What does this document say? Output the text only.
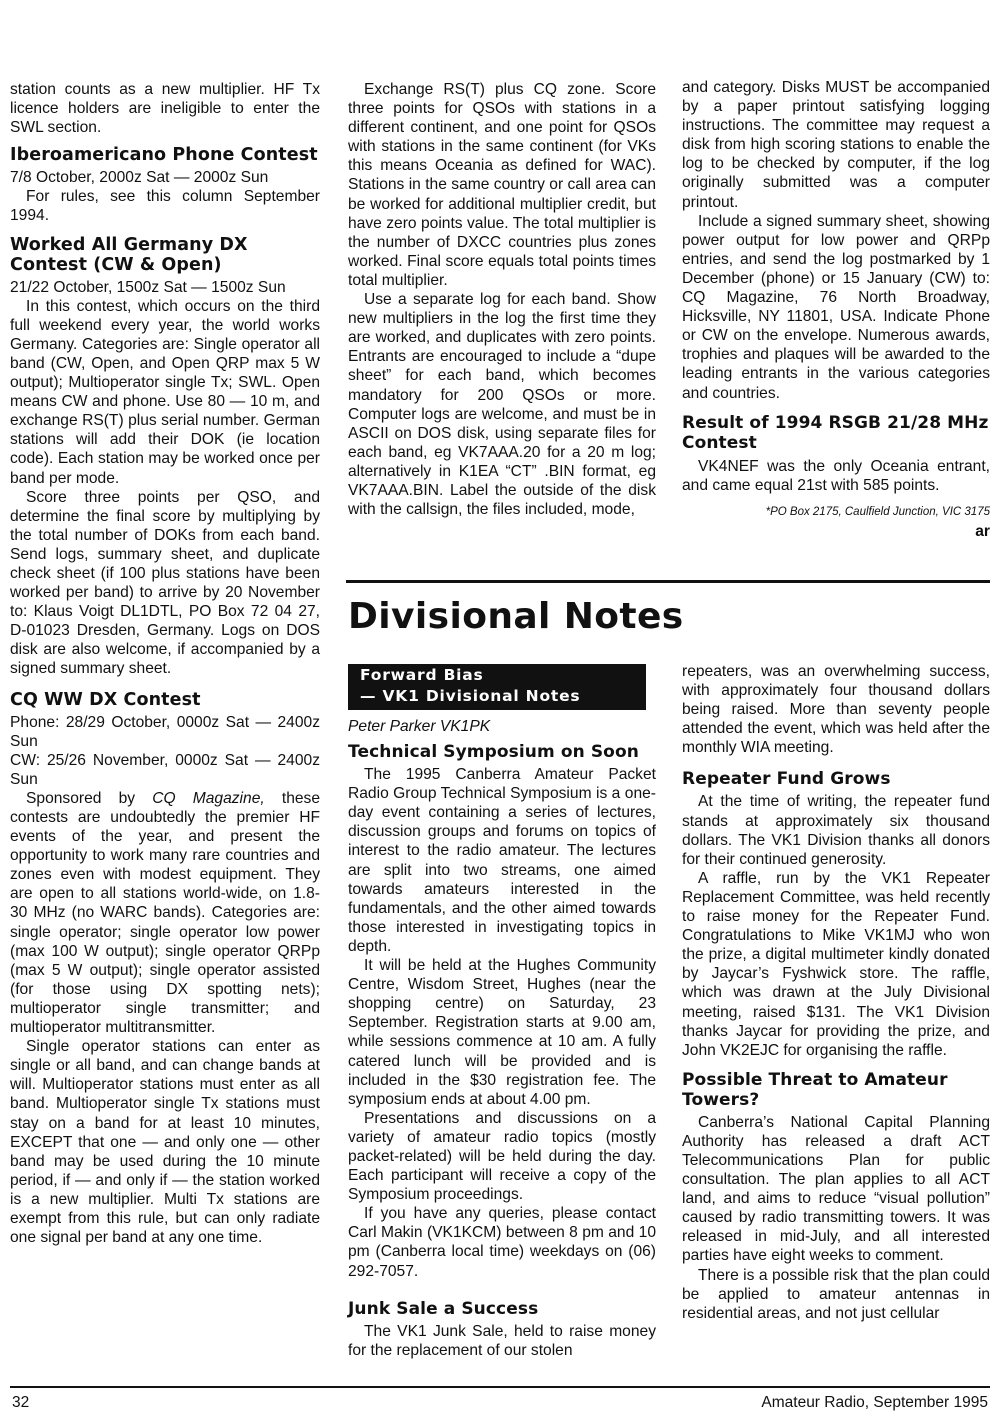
station counts as a new multiplier. HF Tx licence holders are ineligible to enter the SWL section.

Iberoamericano Phone Contest

7/8 October, 2000z Sat — 2000z Sun

For rules, see this column September 1994.

Worked All Germany DX Contest (CW & Open)

21/22 October, 1500z Sat — 1500z Sun

In this contest, which occurs on the third full weekend every year, the world works Germany. Categories are: Single operator all band (CW, Open, and Open QRP max 5 W output); Multioperator single Tx; SWL. Open means CW and phone. Use 80 — 10 m, and exchange RS(T) plus serial number. German stations will add their DOK (ie location code). Each station may be worked once per band per mode.

Score three points per QSO, and determine the final score by multiplying by the total number of DOKs from each band. Send logs, summary sheet, and duplicate check sheet (if 100 plus stations have been worked per band) to arrive by 20 November to: Klaus Voigt DL1DTL, PO Box 72 04 27, D-01023 Dresden, Germany. Logs on DOS disk are also welcome, if accompanied by a signed summary sheet.

CQ WW DX Contest

Phone: 28/29 October, 0000z Sat — 2400z Sun

CW: 25/26 November, 0000z Sat — 2400z Sun

Sponsored by CQ Magazine, these contests are undoubtedly the premier HF events of the year, and present the opportunity to work many rare countries and zones even with modest equipment. They are open to all stations world-wide, on 1.8-30 MHz (no WARC bands). Categories are: single operator; single operator low power (max 100 W output); single operator QRPp (max 5 W output); single operator assisted (for those using DX spotting nets); multioperator single transmitter; and multioperator multitransmitter.

Single operator stations can enter as single or all band, and can change bands at will. Multioperator stations must enter as all band. Multioperator single Tx stations must stay on a band for at least 10 minutes, EXCEPT that one — and only one — other band may be used during the 10 minute period, if — and only if — the station worked is a new multiplier. Multi Tx stations are exempt from this rule, but can only radiate one signal per band at any one time.

Exchange RS(T) plus CQ zone. Score three points for QSOs with stations in a different continent, and one point for QSOs with stations in the same continent (for VKs this means Oceania as defined for WAC). Stations in the same country or call area can be worked for additional multiplier credit, but have zero points value. The total multiplier is the number of DXCC countries plus zones worked. Final score equals total points times total multiplier.

Use a separate log for each band. Show new multipliers in the log the first time they are worked, and duplicates with zero points. Entrants are encouraged to include a “dupe sheet” for each band, which becomes mandatory for 200 QSOs or more. Computer logs are welcome, and must be in ASCII on DOS disk, using separate files for each band, eg VK7AAA.20 for a 20 m log; alternatively in K1EA “CT” .BIN format, eg VK7AAA.BIN. Label the outside of the disk with the callsign, the files included, mode,

and category. Disks MUST be accompanied by a paper printout satisfying logging instructions. The committee may request a disk from high scoring stations to enable the log to be checked by computer, if the log originally submitted was a computer printout.

Include a signed summary sheet, showing power output for low power and QRPp entries, and send the log postmarked by 1 December (phone) or 15 January (CW) to: CQ Magazine, 76 North Broadway, Hicksville, NY 11801, USA. Indicate Phone or CW on the envelope. Numerous awards, trophies and plaques will be awarded to the leading entrants in the various categories and countries.

Result of 1994 RSGB 21/28 MHz Contest

VK4NEF was the only Oceania entrant, and came equal 21st with 585 points.

*PO Box 2175, Caulfield Junction, VIC 3175

ar

Divisional Notes
Forward Bias
— VK1 Divisional Notes

Peter Parker VK1PK

Technical Symposium on Soon

The 1995 Canberra Amateur Packet Radio Group Technical Symposium is a one-day event containing a series of lectures, discussion groups and forums on topics of interest to the radio amateur. The lectures are split into two streams, one aimed towards amateurs interested in the fundamentals, and the other aimed towards those interested in investigating topics in depth.

It will be held at the Hughes Community Centre, Wisdom Street, Hughes (near the shopping centre) on Saturday, 23 September. Registration starts at 9.00 am, while sessions commence at 10 am. A fully catered lunch will be provided and is included in the $30 registration fee. The symposium ends at about 4.00 pm.

Presentations and discussions on a variety of amateur radio topics (mostly packet-related) will be held during the day. Each participant will receive a copy of the Symposium proceedings.

If you have any queries, please contact Carl Makin (VK1KCM) between 8 pm and 10 pm (Canberra local time) weekdays on (06) 292-7057.

Junk Sale a Success

The VK1 Junk Sale, held to raise money for the replacement of our stolen

repeaters, was an overwhelming success, with approximately four thousand dollars being raised. More than seventy people attended the event, which was held after the monthly WIA meeting.

Repeater Fund Grows

At the time of writing, the repeater fund stands at approximately six thousand dollars. The VK1 Division thanks all donors for their continued generosity.

A raffle, run by the VK1 Repeater Replacement Committee, was held recently to raise money for the Repeater Fund. Congratulations to Mike VK1MJ who won the prize, a digital multimeter kindly donated by Jaycar’s Fyshwick store. The raffle, which was drawn at the July Divisional meeting, raised $131. The VK1 Division thanks Jaycar for providing the prize, and John VK2EJC for organising the raffle.

Possible Threat to Amateur Towers?

Canberra’s National Capital Planning Authority has released a draft ACT Telecommunications Plan for public consultation. The plan applies to all ACT land, and aims to reduce “visual pollution” caused by radio transmitting towers. It was released in mid-July, and all interested parties have eight weeks to comment.

There is a possible risk that the plan could be applied to amateur antennas in residential areas, and not just cellular

32	Amateur Radio, September 1995
